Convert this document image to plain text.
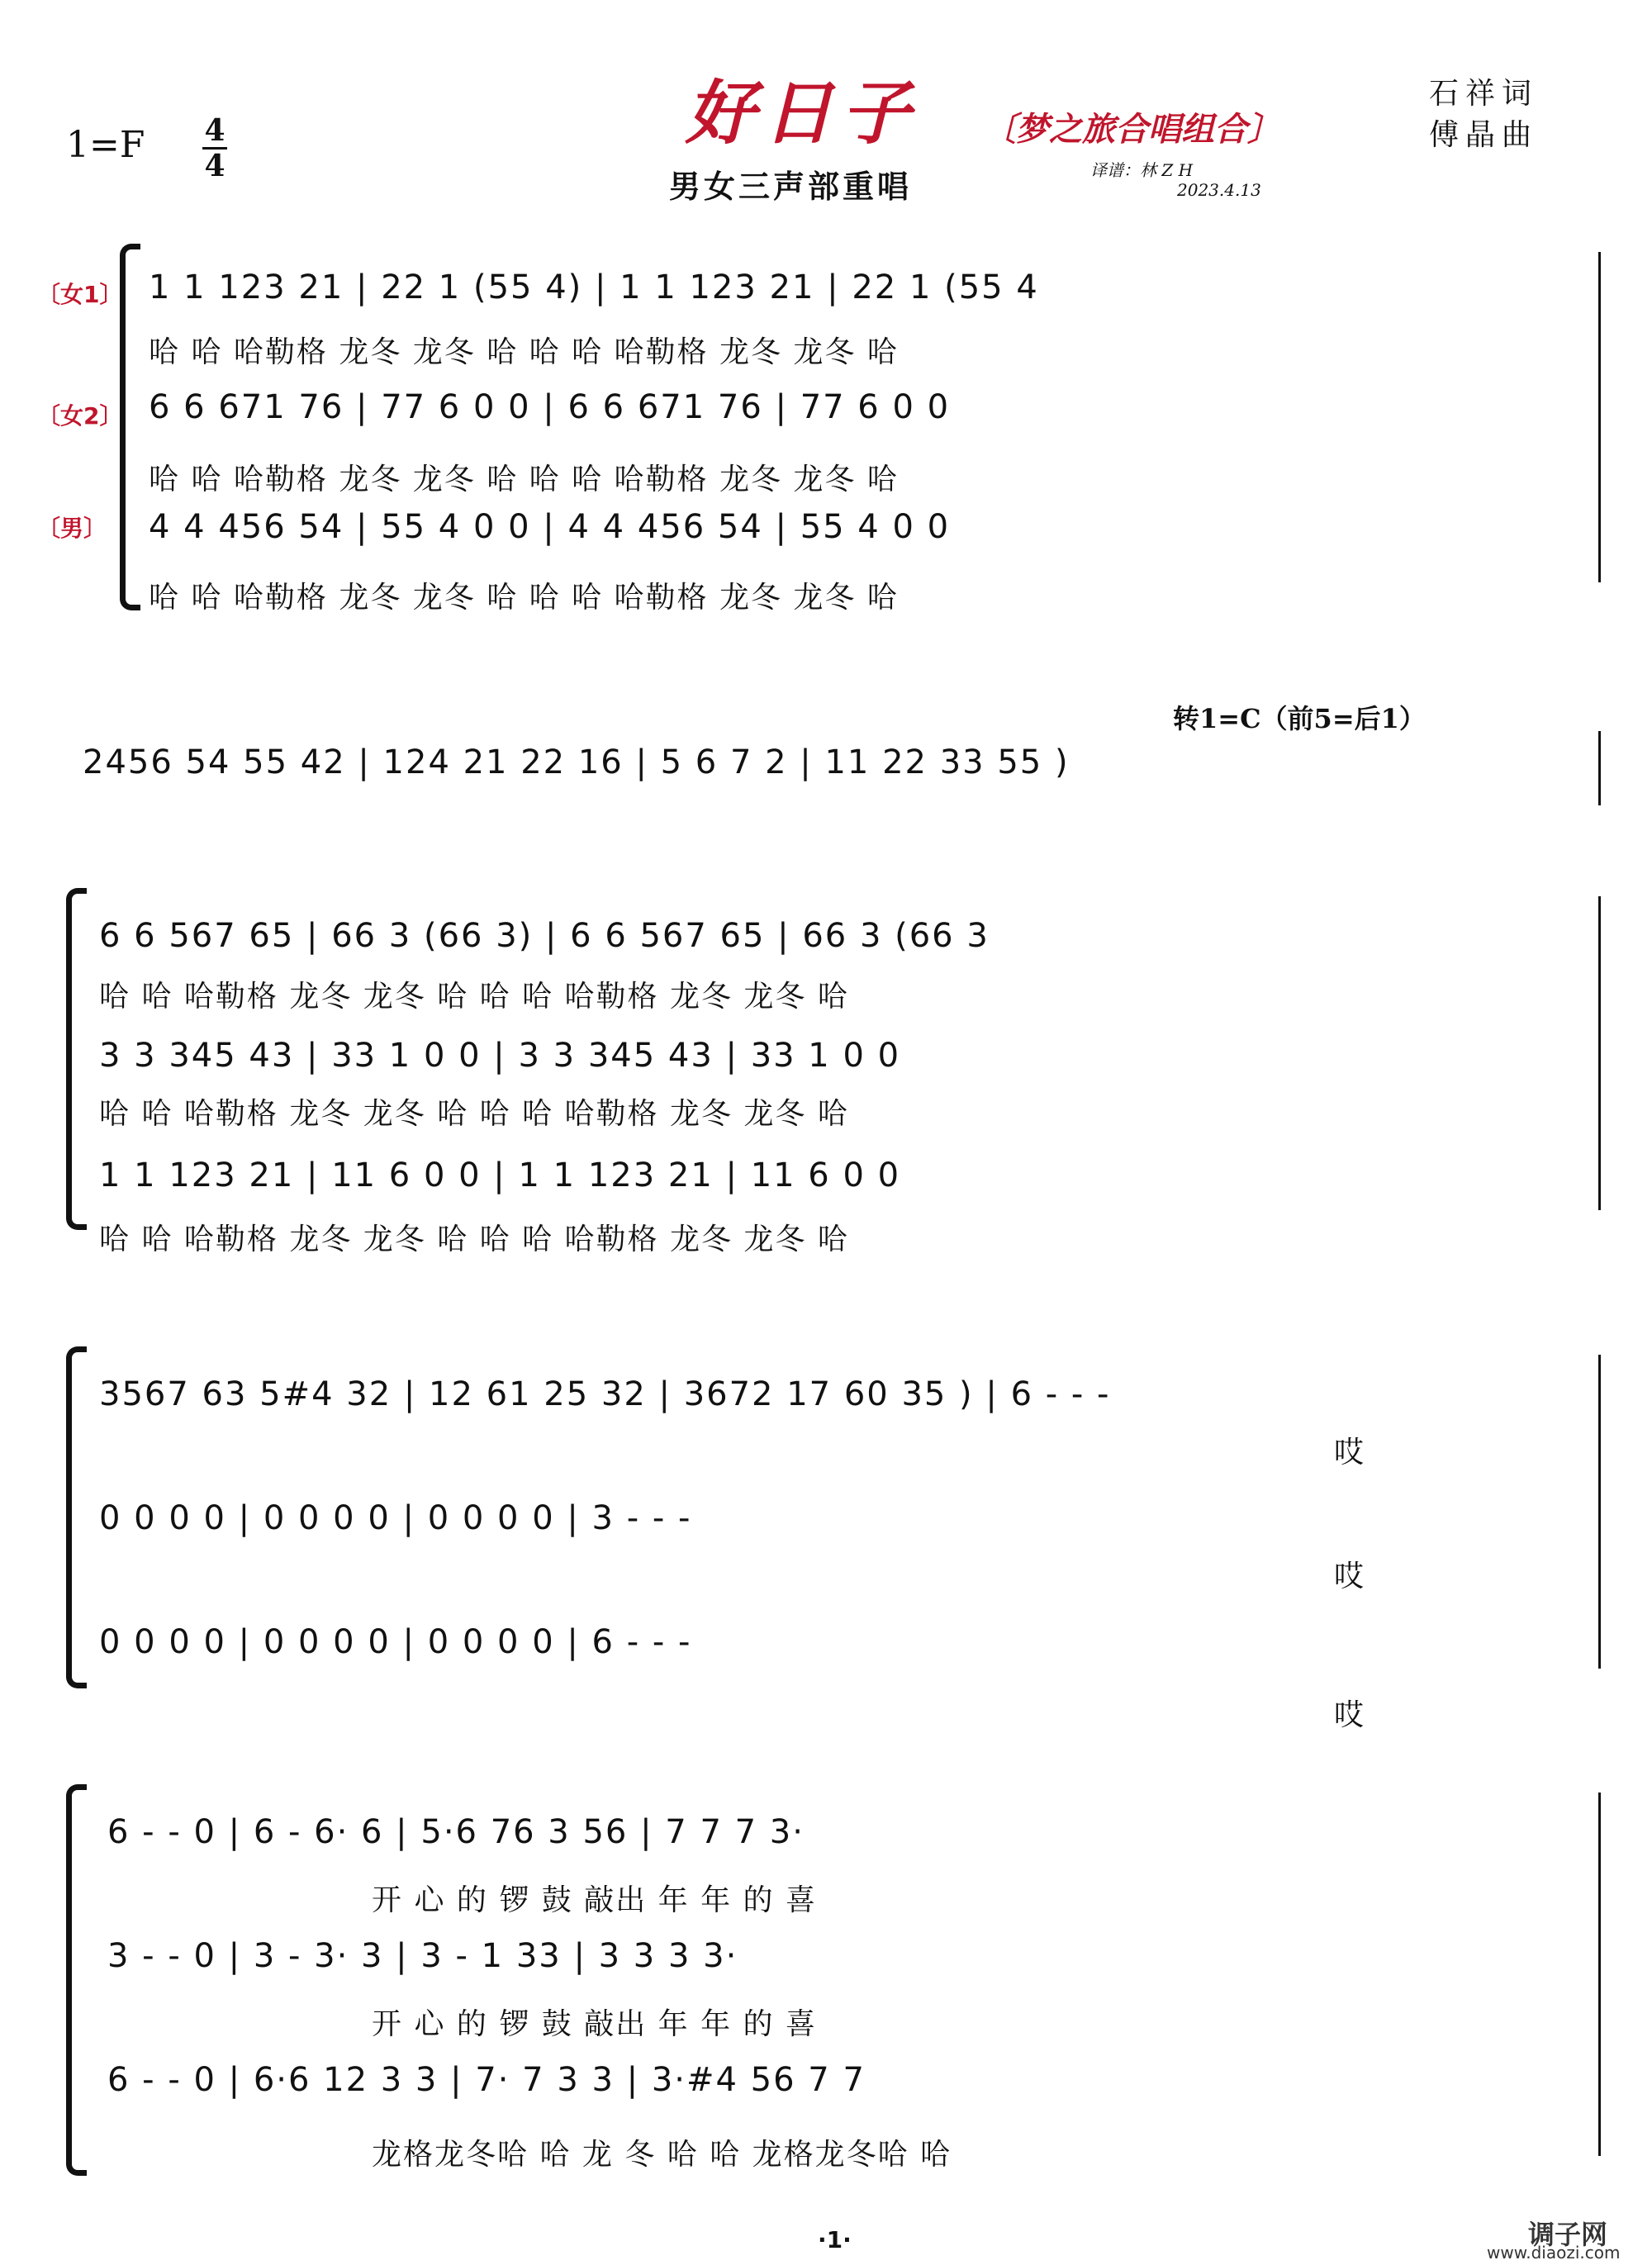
1=F 4
4
好日子 〔梦之旅合唱组合〕
男女三声部重唱	译谱：林 Z H
2023.4.13
石祥词
傅晶曲
〔女1〕
〔女2〕
〔男〕
1 1 123 21 | 22 1 (55 4) | 1 1 123 21 | 22 1 (55 4
哈 哈 哈勒格 龙冬 龙冬 哈 哈 哈 哈勒格 龙冬 龙冬 哈
6 6 671 76 | 77 6 0 0 | 6 6 671 76 | 77 6 0 0
哈 哈 哈勒格 龙冬 龙冬 哈 哈 哈 哈勒格 龙冬 龙冬 哈
4 4 456 54 | 55 4 0 0 | 4 4 456 54 | 55 4 0 0
哈 哈 哈勒格 龙冬 龙冬 哈 哈 哈 哈勒格 龙冬 龙冬 哈
转1=C（前5=后1）
2456 54 55 42 | 124 21 22 16 | 5 6 7 2 | 11 22 33 55 )
6 6 567 65 | 66 3 (66 3) | 6 6 567 65 | 66 3 (66 3
哈 哈 哈勒格 龙冬 龙冬 哈 哈 哈 哈勒格 龙冬 龙冬 哈
3 3 345 43 | 33 1 0 0 | 3 3 345 43 | 33 1 0 0
哈 哈 哈勒格 龙冬 龙冬 哈 哈 哈 哈勒格 龙冬 龙冬 哈
1 1 123 21 | 11 6 0 0 | 1 1 123 21 | 11 6 0 0
哈 哈 哈勒格 龙冬 龙冬 哈 哈 哈 哈勒格 龙冬 龙冬 哈
3567 63 5#4 32 | 12 61 25 32 | 3672 17 60 35 ) | 6 - - -
哎
0 0 0 0 | 0 0 0 0 | 0 0 0 0 | 3 - - -
哎
0 0 0 0 | 0 0 0 0 | 0 0 0 0 | 6 - - -
哎
6 - - 0 | 6 - 6· 6 | 5·6 76 3 56 | 7 7 7 3·
开 心 的 锣 鼓 敲出 年 年 的 喜
3 - - 0 | 3 - 3· 3 | 3 - 1 33 | 3 3 3 3·
开 心 的 锣 鼓 敲出 年 年 的 喜
6 - - 0 | 6·6 12 3 3 | 7· 7 3 3 | 3·#4 56 7 7
龙格龙冬哈 哈 龙 冬 哈 哈 龙格龙冬哈 哈
·1·	调子网
www.diaozi.com
